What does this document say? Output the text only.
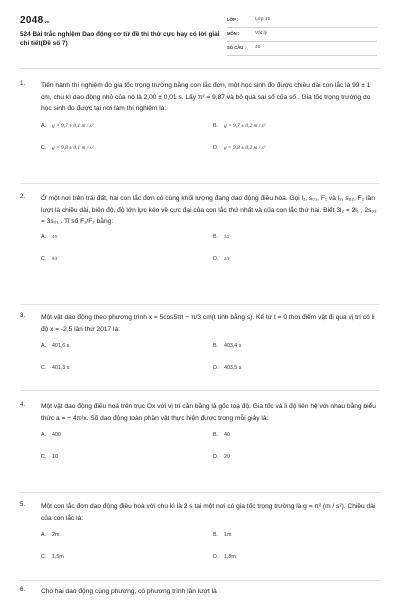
2048vn
524 Bài trắc nghiệm Dao động cơ từ đề thi thử cực hay có lời giải chi tiết(Đề số 7)
LỚP :	Lớp 12
MÔN :	Vật lý
SỐ CÂU :	40
1. Tiến hành thí nghiệm đo gia tốc trọng trường bằng con lắc đơn, một học sinh đo được chiều dài con lắc là 99 ± 1 cm, chu kì dao động nhỏ của nó là 2,00 ± 0,01 s. Lấy π² = 9,87 và bỏ qua sai số của số . Gia tốc trọng trường do học sinh đo được tại nơi làm thí nghiệm là:
A. g = 9,7 ± 0,1 m / s²	B. g = 9,7 ± 0,2 m / s²
C. g = 9,8 ± 0,1 m / s²	D. g = 9,8 ± 0,2 m / s²
2. Ở một nơi trên trái đất, hai con lắc đơn có cùng khối lượng đang dao động điều hòa. Gọi l₁, s₀₁, F₁ và l₂, s₀₂, F₂ lần lượt là chiều dài, biên độ, độ lớn lực kéo về cực đại của con lắc thứ nhất và của con lắc thứ hai. Biết 3l₂ = 2l₁ , 2s₀₂ = 3s₀₁ . Tỉ số F₁/F₂ bằng:
A. 4/9	B. 3/2
C. 9/4	D. 2/3
3. Một vật dao động theo phương trình x = 5cos5πt − π/3 cm(t tính bằng s). Kể từ t = 0 thời điểm vật đi qua vị trí có li độ x = -2,5 lần thứ 2017 là:
A. 401,6 s	B. 403,4 s
C. 401,3 s	D. 403,5 s
4. Một vật dao động điều hoà trên trục Ox với vị trí cân bằng là gốc toạ độ. Gia tốc và li độ liên hệ với nhau bằng biểu thức a = − 4π²x. Số dao động toàn phần vật thực hiện được trong mỗi giây là:
A. 400	B. 40
C. 10	D. 20
5. Một con lắc đơn dao động điều hoà với chu kì là 2 s tại một nơi có gia tốc trọng trường là g = π² (m / s²). Chiều dài của con lắc là:
A. 2m	B. 1m
C. 1,5m	D. 1,8m
6. Cho hai dao động cùng phương, có phương trình lần lượt là
